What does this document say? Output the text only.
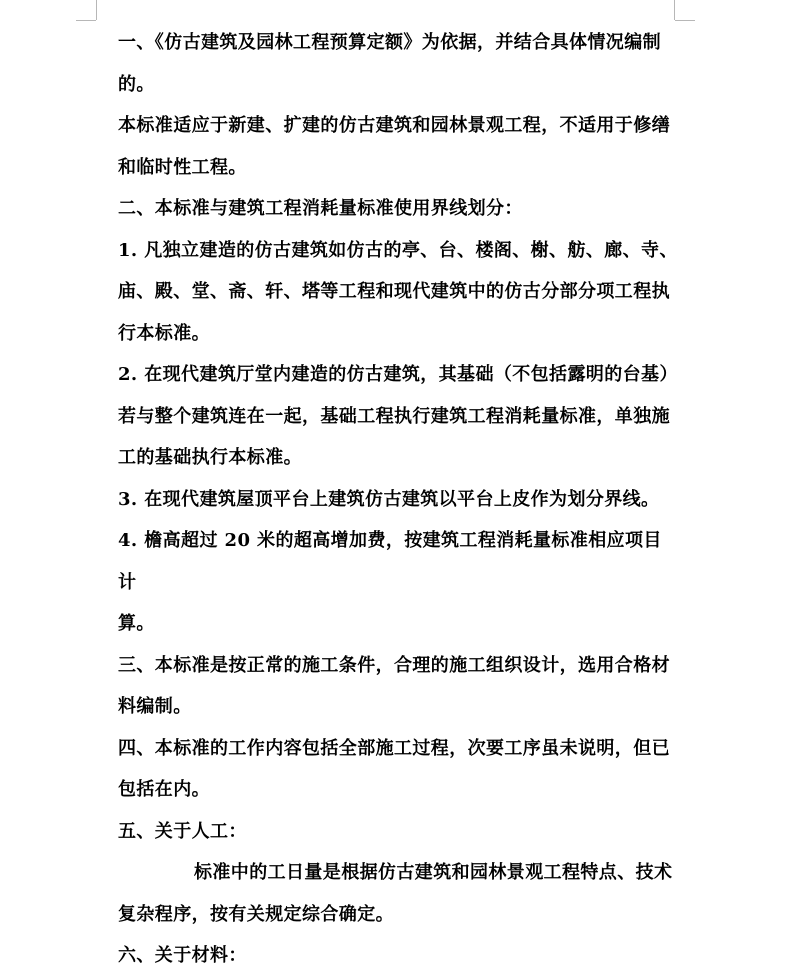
一、《仿古建筑及园林工程预算定额》为依据，并结合具体情况编制

的。

本标准适应于新建、扩建的仿古建筑和园林景观工程，不适用于修缮

和临时性工程。

二、本标准与建筑工程消耗量标准使用界线划分：

1. 凡独立建造的仿古建筑如仿古的亭、台、楼阁、榭、舫、廊、寺、

庙、殿、堂、斋、轩、塔等工程和现代建筑中的仿古分部分项工程执

行本标准。

2. 在现代建筑厅堂内建造的仿古建筑，其基础（不包括露明的台基）

若与整个建筑连在一起，基础工程执行建筑工程消耗量标准，单独施

工的基础执行本标准。

3. 在现代建筑屋顶平台上建筑仿古建筑以平台上皮作为划分界线。

4. 檐高超过 20 米的超高增加费，按建筑工程消耗量标准相应项目计

算。

三、本标准是按正常的施工条件，合理的施工组织设计，选用合格材

料编制。

四、本标准的工作内容包括全部施工过程，次要工序虽未说明，但已

包括在内。

五、关于人工：

标准中的工日量是根据仿古建筑和园林景观工程特点、技术

复杂程序，按有关规定综合确定。

六、关于材料：
